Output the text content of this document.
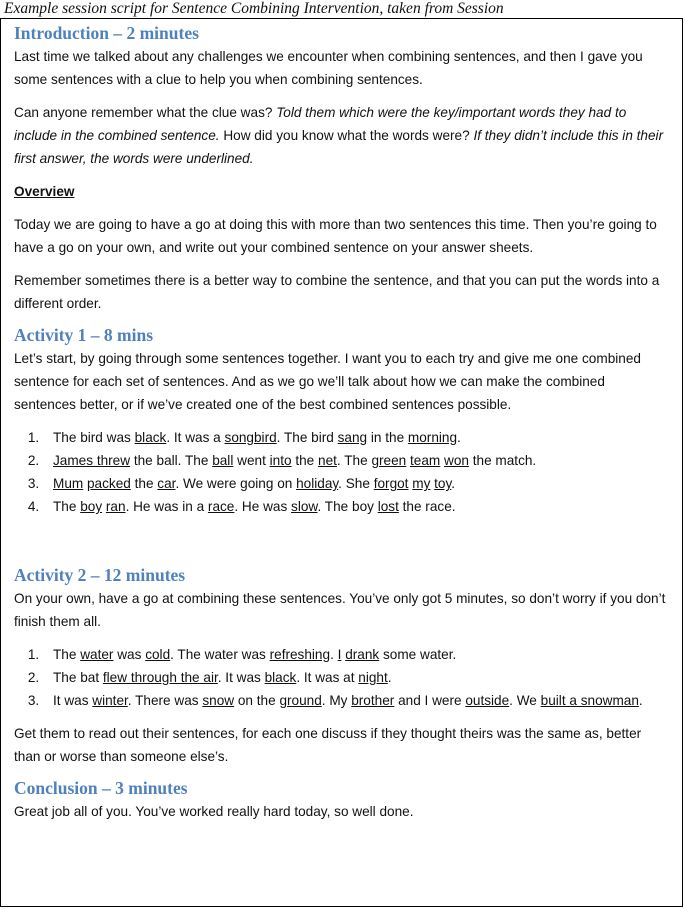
Example session script for Sentence Combining Intervention, taken from Session
Introduction – 2 minutes

Last time we talked about any challenges we encounter when combining sentences, and then I gave you some sentences with a clue to help you when combining sentences.

Can anyone remember what the clue was? Told them which were the key/important words they had to include in the combined sentence. How did you know what the words were? If they didn’t include this in their first answer, the words were underlined.

Overview

Today we are going to have a go at doing this with more than two sentences this time. Then you’re going to have a go on your own, and write out your combined sentence on your answer sheets.

Remember sometimes there is a better way to combine the sentence, and that you can put the words into a different order.

Activity 1 – 8 mins

Let’s start, by going through some sentences together. I want you to each try and give me one combined sentence for each set of sentences. And as we go we’ll talk about how we can make the combined sentences better, or if we’ve created one of the best combined sentences possible.

1. The bird was black. It was a songbird. The bird sang in the morning.
2. James threw the ball. The ball went into the net. The green team won the match.
3. Mum packed the car. We were going on holiday. She forgot my toy.
4. The boy ran. He was in a race. He was slow. The boy lost the race.
Activity 2 – 12 minutes

On your own, have a go at combining these sentences. You’ve only got 5 minutes, so don’t worry if you don’t finish them all.

1. The water was cold. The water was refreshing. I drank some water.
2. The bat flew through the air. It was black. It was at night.
3. It was winter. There was snow on the ground. My brother and I were outside. We built a snowman.

Get them to read out their sentences, for each one discuss if they thought theirs was the same as, better than or worse than someone else’s.

Conclusion – 3 minutes

Great job all of you. You’ve worked really hard today, so well done.
